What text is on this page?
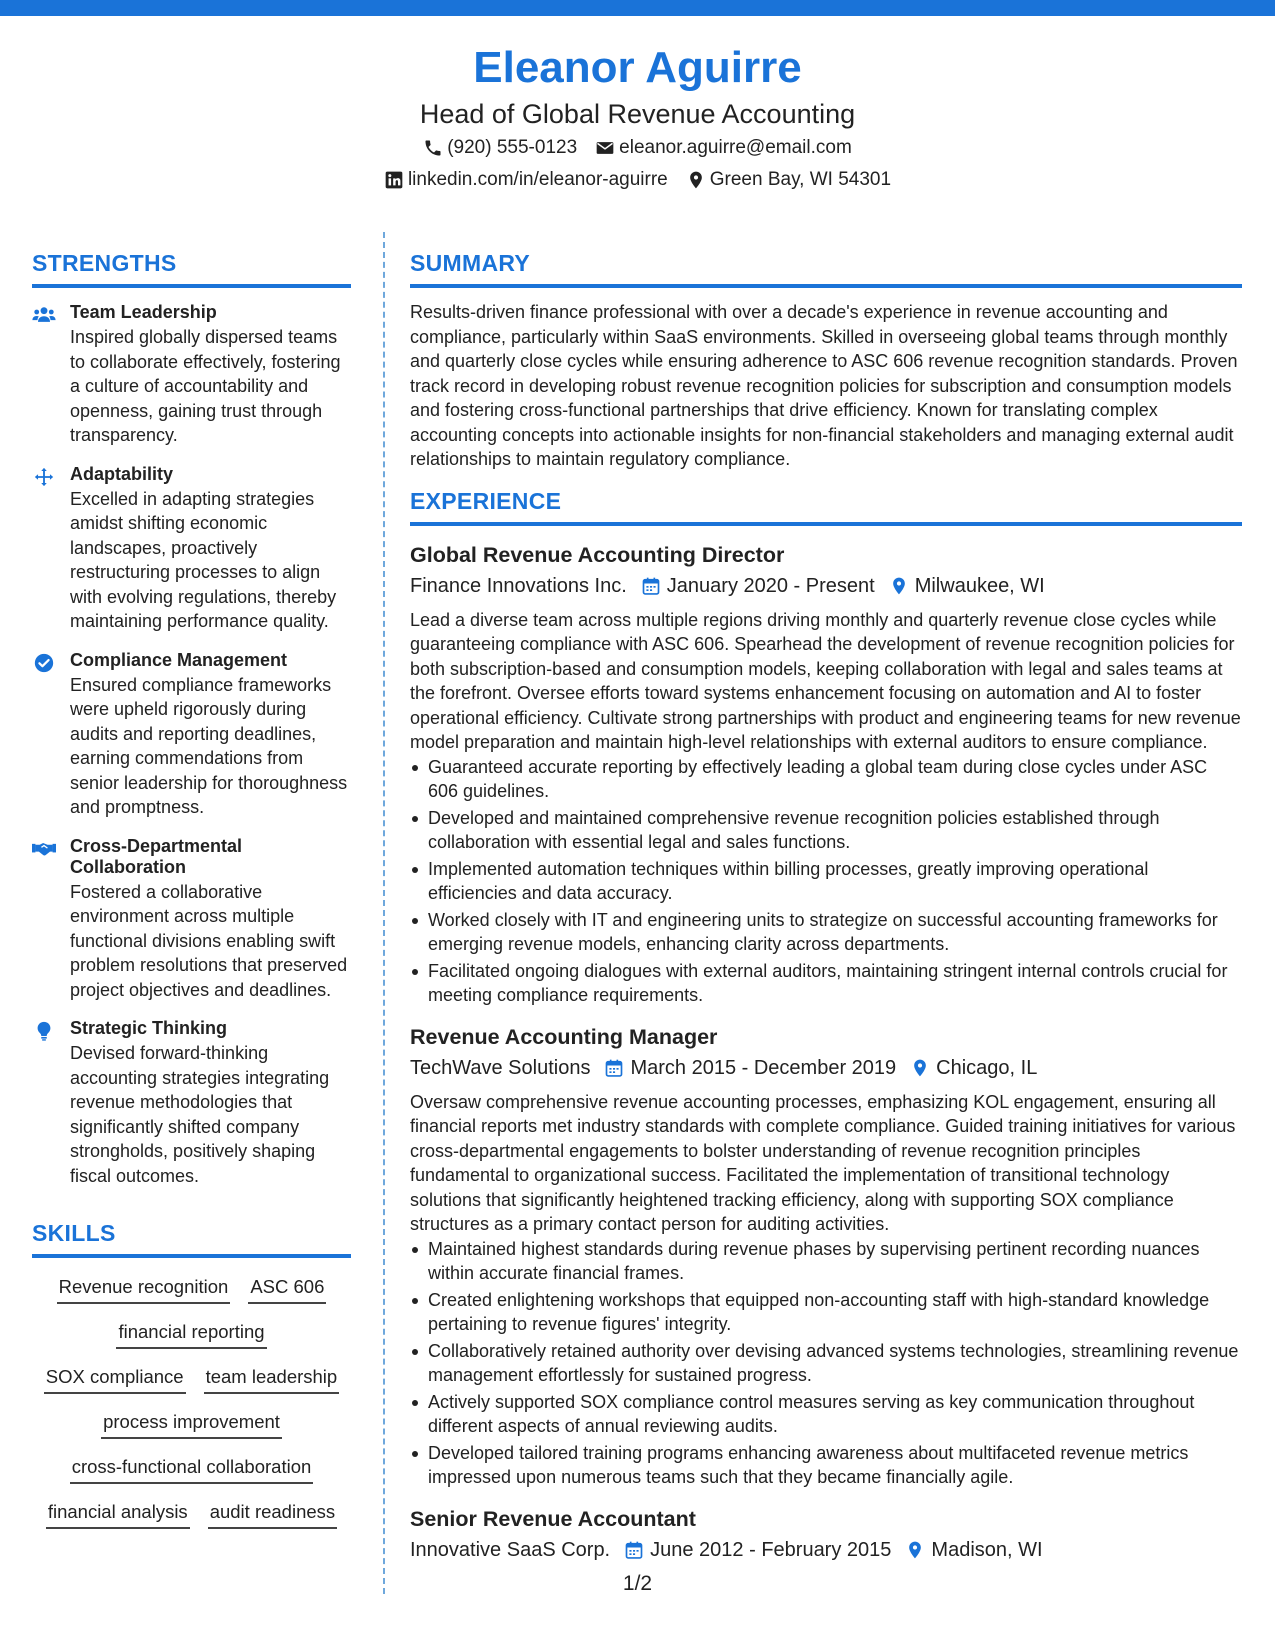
Eleanor Aguirre
Head of Global Revenue Accounting
(920) 555-0123 eleanor.aguirre@email.com
linkedin.com/in/eleanor-aguirre Green Bay, WI 54301
STRENGTHS
Team Leadership
Inspired globally dispersed teams to collaborate effectively, fostering a culture of accountability and openness, gaining trust through transparency.
Adaptability
Excelled in adapting strategies amidst shifting economic landscapes, proactively restructuring processes to align with evolving regulations, thereby maintaining performance quality.
Compliance Management
Ensured compliance frameworks were upheld rigorously during audits and reporting deadlines, earning commendations from senior leadership for thoroughness and promptness.
Cross-Departmental Collaboration
Fostered a collaborative environment across multiple functional divisions enabling swift problem resolutions that preserved project objectives and deadlines.
Strategic Thinking
Devised forward-thinking accounting strategies integrating revenue methodologies that significantly shifted company strongholds, positively shaping fiscal outcomes.
SKILLS
Revenue recognition ASC 606
financial reporting
SOX compliance team leadership
process improvement
cross-functional collaboration
financial analysis audit readiness
SUMMARY
Results-driven finance professional with over a decade's experience in revenue accounting and compliance, particularly within SaaS environments. Skilled in overseeing global teams through monthly and quarterly close cycles while ensuring adherence to ASC 606 revenue recognition standards. Proven track record in developing robust revenue recognition policies for subscription and consumption models and fostering cross-functional partnerships that drive efficiency. Known for translating complex accounting concepts into actionable insights for non-financial stakeholders and managing external audit relationships to maintain regulatory compliance.
EXPERIENCE
Global Revenue Accounting Director
Finance Innovations Inc. January 2020 - Present Milwaukee, WI
Lead a diverse team across multiple regions driving monthly and quarterly revenue close cycles while guaranteeing compliance with ASC 606. Spearhead the development of revenue recognition policies for both subscription-based and consumption models, keeping collaboration with legal and sales teams at the forefront. Oversee efforts toward systems enhancement focusing on automation and AI to foster operational efficiency. Cultivate strong partnerships with product and engineering teams for new revenue model preparation and maintain high-level relationships with external auditors to ensure compliance.
Guaranteed accurate reporting by effectively leading a global team during close cycles under ASC 606 guidelines.
Developed and maintained comprehensive revenue recognition policies established through collaboration with essential legal and sales functions.
Implemented automation techniques within billing processes, greatly improving operational efficiencies and data accuracy.
Worked closely with IT and engineering units to strategize on successful accounting frameworks for emerging revenue models, enhancing clarity across departments.
Facilitated ongoing dialogues with external auditors, maintaining stringent internal controls crucial for meeting compliance requirements.
Revenue Accounting Manager
TechWave Solutions March 2015 - December 2019 Chicago, IL
Oversaw comprehensive revenue accounting processes, emphasizing KOL engagement, ensuring all financial reports met industry standards with complete compliance. Guided training initiatives for various cross-departmental engagements to bolster understanding of revenue recognition principles fundamental to organizational success. Facilitated the implementation of transitional technology solutions that significantly heightened tracking efficiency, along with supporting SOX compliance structures as a primary contact person for auditing activities.
Maintained highest standards during revenue phases by supervising pertinent recording nuances within accurate financial frames.
Created enlightening workshops that equipped non-accounting staff with high-standard knowledge pertaining to revenue figures' integrity.
Collaboratively retained authority over devising advanced systems technologies, streamlining revenue management effortlessly for sustained progress.
Actively supported SOX compliance control measures serving as key communication throughout different aspects of annual reviewing audits.
Developed tailored training programs enhancing awareness about multifaceted revenue metrics impressed upon numerous teams such that they became financially agile.
Senior Revenue Accountant
Innovative SaaS Corp. June 2012 - February 2015 Madison, WI
1/2
